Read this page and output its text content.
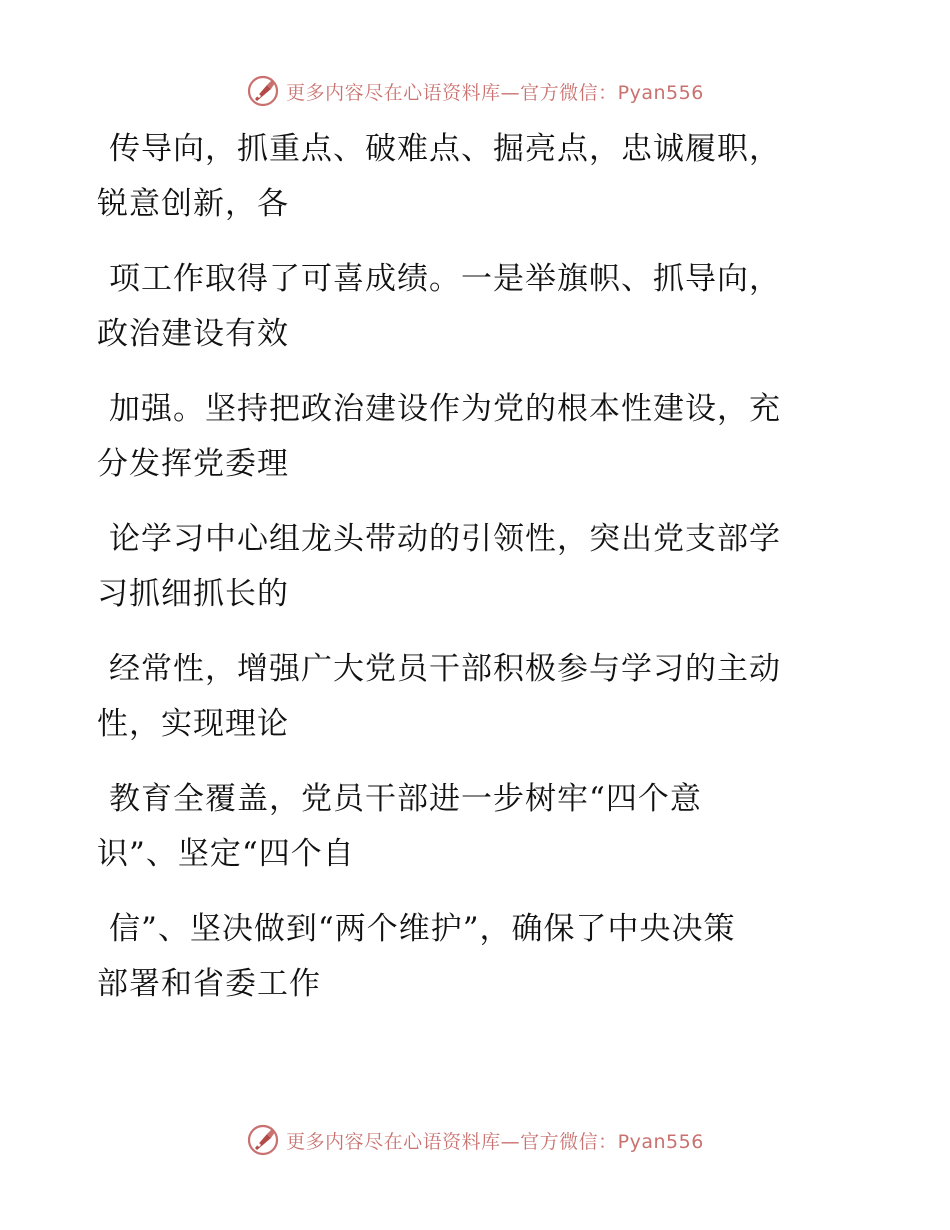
更多内容尽在心语资料库—官方微信：Pyan556

传导向，抓重点、破难点、掘亮点，忠诚履职，
锐意创新，各

项工作取得了可喜成绩。一是举旗帜、抓导向，
政治建设有效

加强。坚持把政治建设作为党的根本性建设，充
分发挥党委理

论学习中心组龙头带动的引领性，突出党支部学
习抓细抓长的

经常性，增强广大党员干部积极参与学习的主动
性，实现理论

教育全覆盖，党员干部进一步树牢“四个意
识”、坚定“四个自

信”、坚决做到“两个维护”，确保了中央决策
部署和省委工作

更多内容尽在心语资料库—官方微信：Pyan556
